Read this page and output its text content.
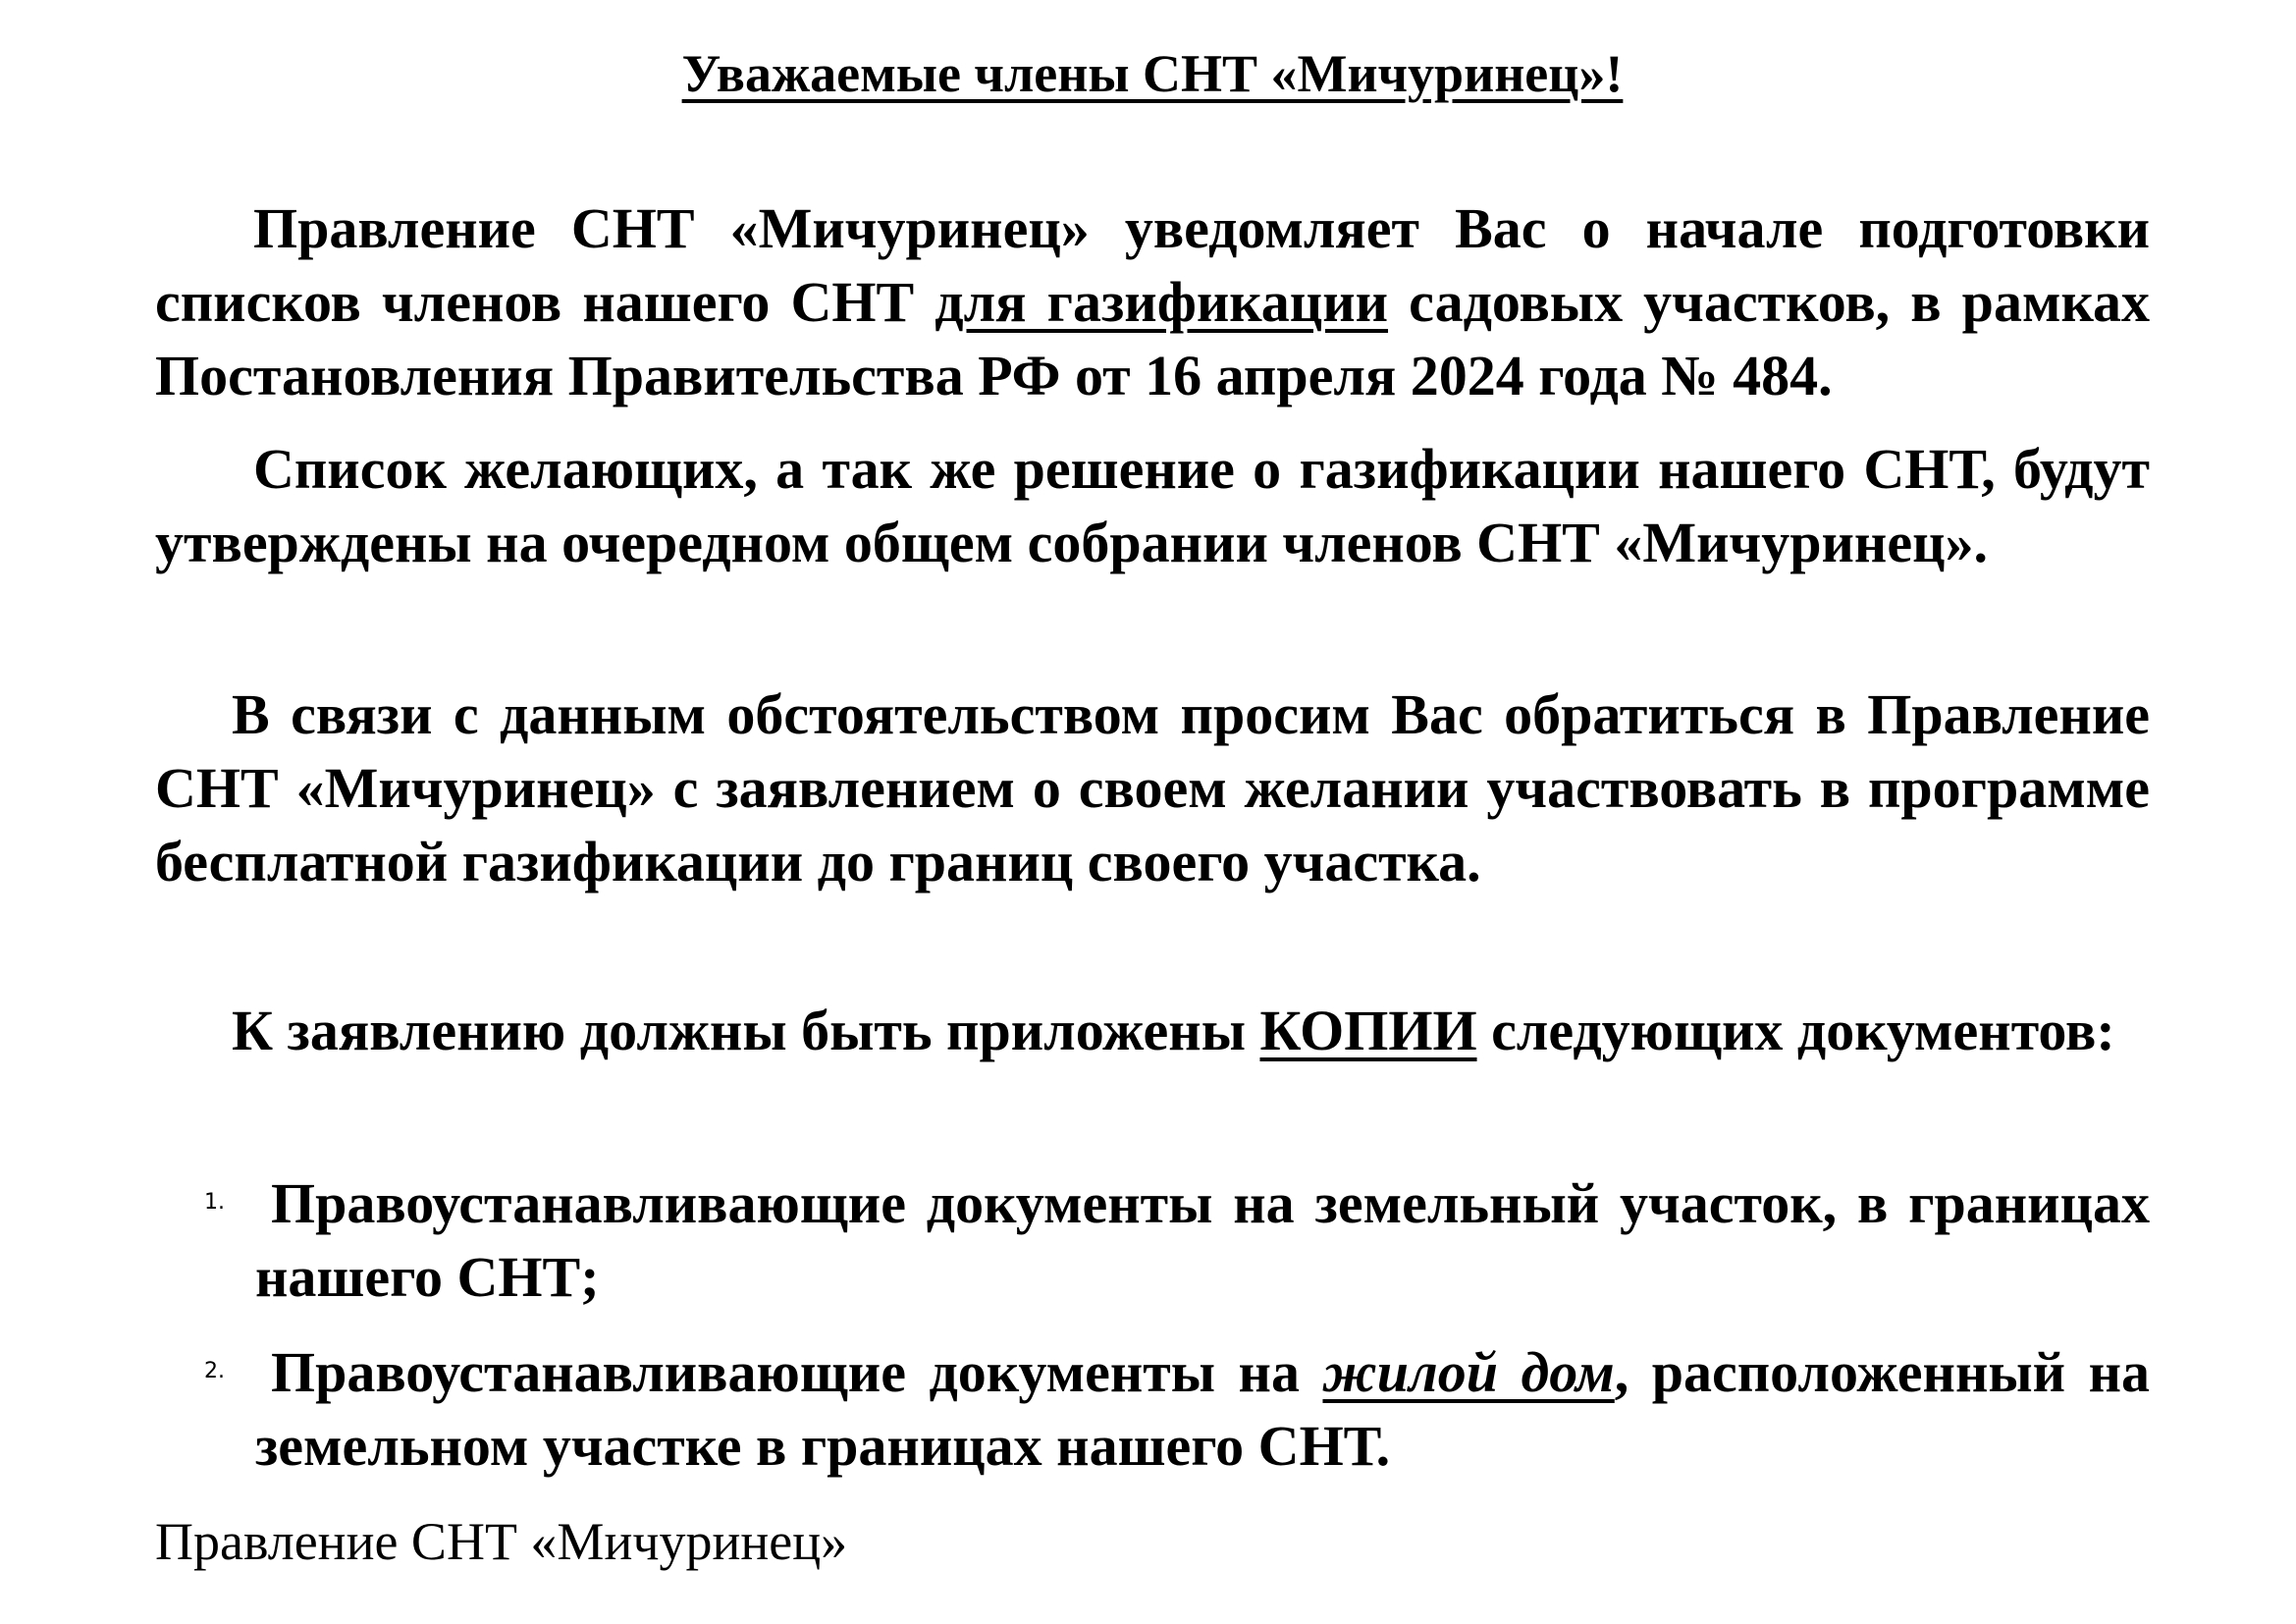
Уважаемые члены СНТ «Мичуринец»!

Правление СНТ «Мичуринец» уведомляет Вас о начале подготовки списков членов нашего СНТ для газификации садовых участков, в рамках Постановления Правительства РФ от 16 апреля 2024 года № 484.

Список желающих, а так же решение о газификации нашего СНТ, будут утверждены на очередном общем собрании членов СНТ «Мичуринец».

В связи с данным обстоятельством просим Вас обратиться в Правление СНТ «Мичуринец» с заявлением о своем желании участвовать в программе бесплатной газификации до границ своего участка.

К заявлению должны быть приложены КОПИИ следующих документов:

1. Правоустанавливающие документы на земельный участок, в границах нашего СНТ;
2. Правоустанавливающие документы на жилой дом, расположенный на земельном участке в границах нашего СНТ.
Правление СНТ «Мичуринец»
